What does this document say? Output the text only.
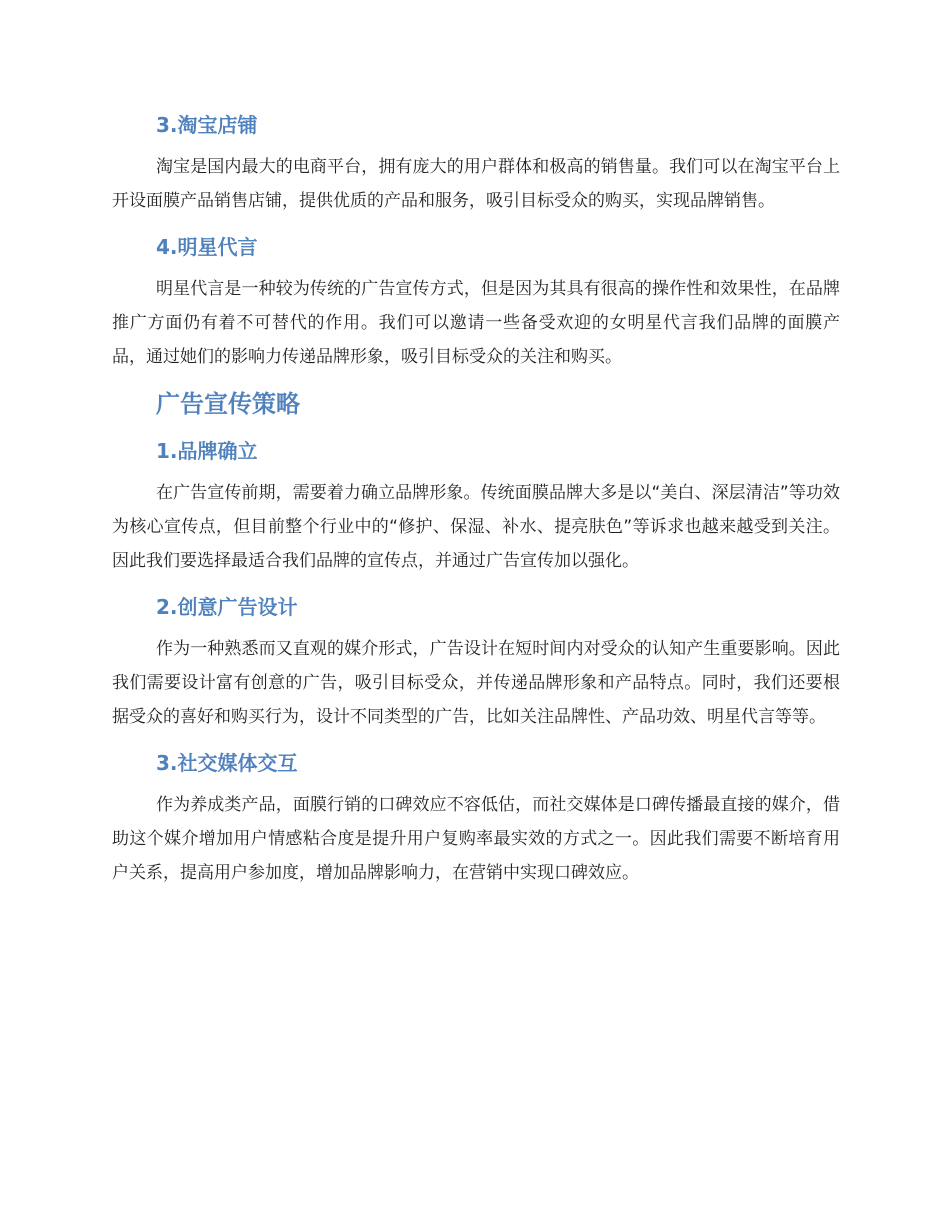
3.淘宝店铺

淘宝是国内最大的电商平台，拥有庞大的用户群体和极高的销售量。我们可以在淘宝平台上开设面膜产品销售店铺，提供优质的产品和服务，吸引目标受众的购买，实现品牌销售。

4.明星代言

明星代言是一种较为传统的广告宣传方式，但是因为其具有很高的操作性和效果性，在品牌推广方面仍有着不可替代的作用。我们可以邀请一些备受欢迎的女明星代言我们品牌的面膜产品，通过她们的影响力传递品牌形象，吸引目标受众的关注和购买。

广告宣传策略
1.品牌确立

在广告宣传前期，需要着力确立品牌形象。传统面膜品牌大多是以“美白、深层清洁”等功效为核心宣传点，但目前整个行业中的“修护、保湿、补水、提亮肤色”等诉求也越来越受到关注。因此我们要选择最适合我们品牌的宣传点，并通过广告宣传加以强化。

2.创意广告设计

作为一种熟悉而又直观的媒介形式，广告设计在短时间内对受众的认知产生重要影响。因此我们需要设计富有创意的广告，吸引目标受众，并传递品牌形象和产品特点。同时，我们还要根据受众的喜好和购买行为，设计不同类型的广告，比如关注品牌性、产品功效、明星代言等等。

3.社交媒体交互

作为养成类产品，面膜行销的口碑效应不容低估，而社交媒体是口碑传播最直接的媒介，借助这个媒介增加用户情感粘合度是提升用户复购率最实效的方式之一。因此我们需要不断培育用户关系，提高用户参加度，增加品牌影响力，在营销中实现口碑效应。
